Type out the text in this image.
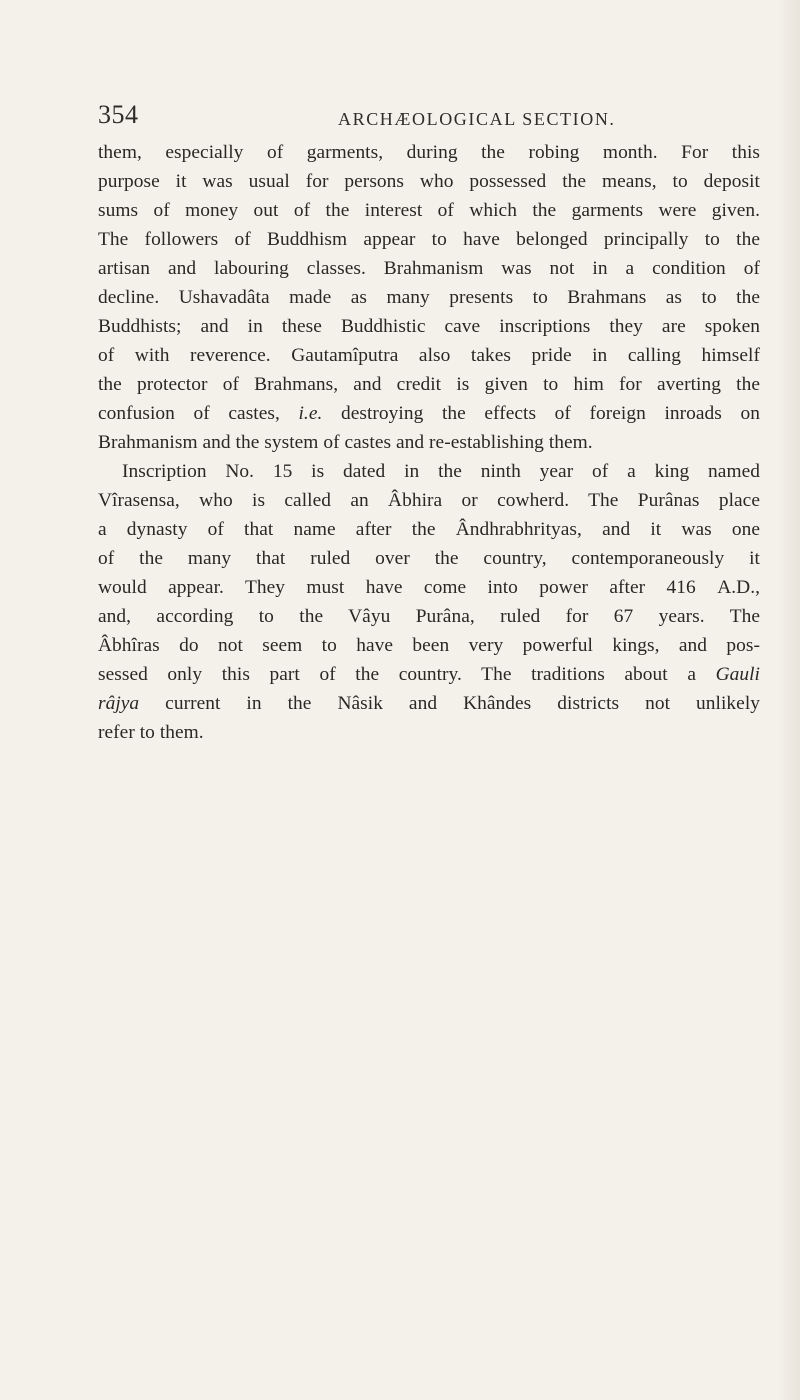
354	ARCHÆOLOGICAL SECTION.
them, especially of garments, during the robing month. For this
purpose it was usual for persons who possessed the means, to deposit
sums of money out of the interest of which the garments were given.
The followers of Buddhism appear to have belonged principally to the
artisan and labouring classes. Brahmanism was not in a condition of
decline. Ushavadâta made as many presents to Brahmans as to the
Buddhists; and in these Buddhistic cave inscriptions they are spoken
of with reverence. Gautamîputra also takes pride in calling himself
the protector of Brahmans, and credit is given to him for averting the
confusion of castes, i.e. destroying the effects of foreign inroads on
Brahmanism and the system of castes and re-establishing them.
Inscription No. 15 is dated in the ninth year of a king named
Vîrasensa, who is called an Âbhira or cowherd. The Purânas place
a dynasty of that name after the Ândhrabhrityas, and it was one
of the many that ruled over the country, contemporaneously it
would appear. They must have come into power after 416 A.D.,
and, according to the Vâyu Purâna, ruled for 67 years. The
Âbhîras do not seem to have been very powerful kings, and pos-
sessed only this part of the country. The traditions about a Gauli
râjya current in the Nâsik and Khândes districts not unlikely
refer to them.
